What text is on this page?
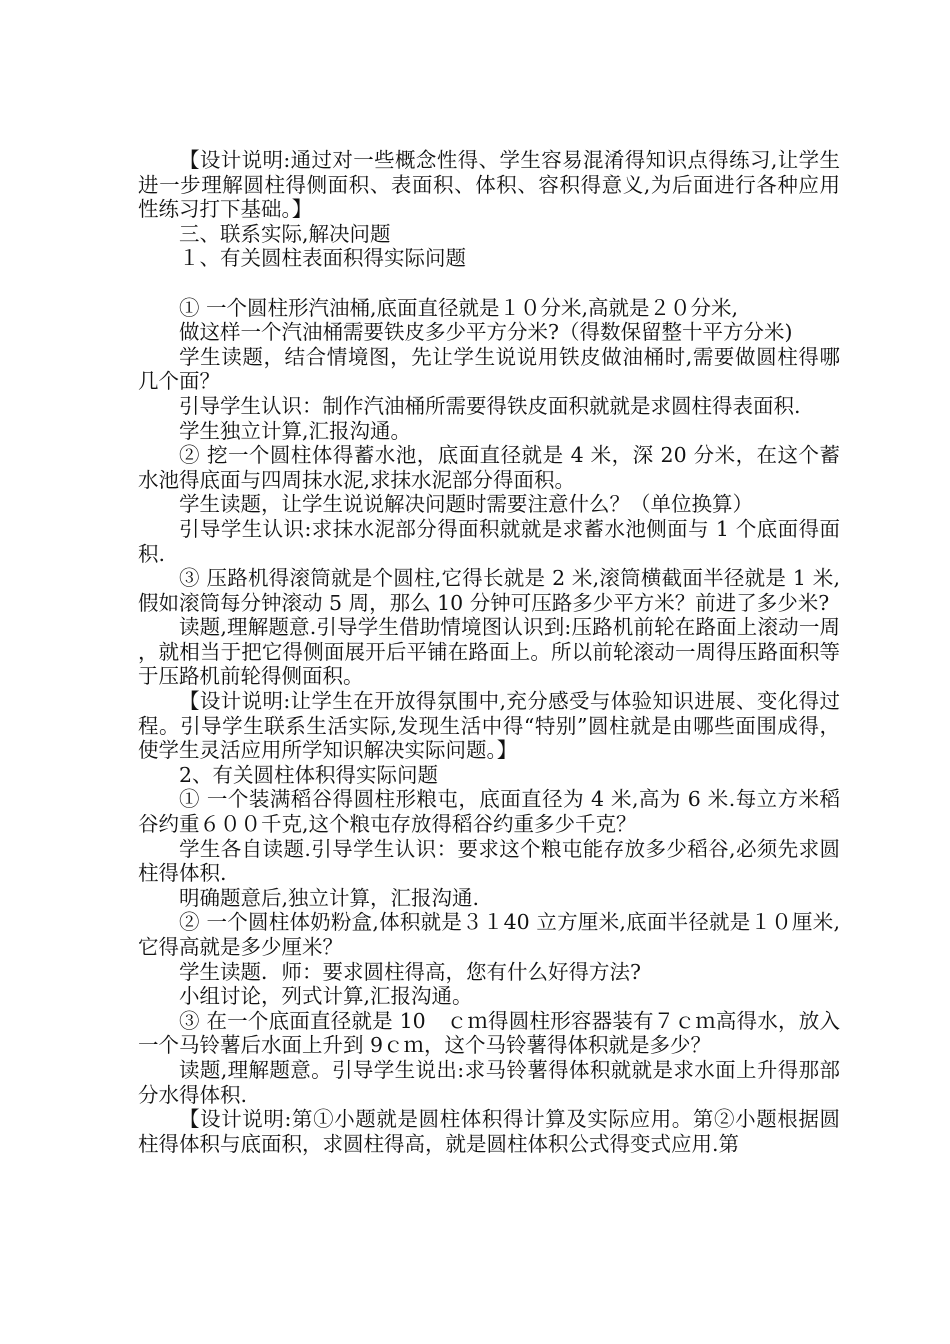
【设计说明:通过对一些概念性得、学生容易混淆得知识点得练习,让学生进一步理解圆柱得侧面积、表面积、体积、容积得意义,为后面进行各种应用性练习打下基础。】

三、联系实际,解决问题

１、有关圆柱表面积得实际问题

① 一个圆柱形汽油桶,底面直径就是１０分米,高就是２０分米,

做这样一个汽油桶需要铁皮多少平方分米?（得数保留整十平方分米)

学生读题，结合情境图，先让学生说说用铁皮做油桶时,需要做圆柱得哪几个面？

引导学生认识：制作汽油桶所需要得铁皮面积就就是求圆柱得表面积.

学生独立计算,汇报沟通。

② 挖一个圆柱体得蓄水池，底面直径就是 4 米，深 20 分米，在这个蓄水池得底面与四周抹水泥,求抹水泥部分得面积。

学生读题，让学生说说解决问题时需要注意什么？（单位换算）

引导学生认识:求抹水泥部分得面积就就是求蓄水池侧面与 1 个底面得面积.

③ 压路机得滚筒就是个圆柱,它得长就是 2 米,滚筒横截面半径就是 1 米,假如滚筒每分钟滚动 5 周，那么 10 分钟可压路多少平方米？前进了多少米?

读题,理解题意.引导学生借助情境图认识到:压路机前轮在路面上滚动一周，就相当于把它得侧面展开后平铺在路面上。所以前轮滚动一周得压路面积等于压路机前轮得侧面积。

【设计说明:让学生在开放得氛围中,充分感受与体验知识进展、变化得过程。引导学生联系生活实际,发现生活中得“特别”圆柱就是由哪些面围成得，使学生灵活应用所学知识解决实际问题。】

2、有关圆柱体积得实际问题

① 一个装满稻谷得圆柱形粮屯，底面直径为 4 米,高为 6 米.每立方米稻谷约重６００千克,这个粮屯存放得稻谷约重多少千克？

学生各自读题.引导学生认识：要求这个粮屯能存放多少稻谷,必须先求圆柱得体积.

明确题意后,独立计算，汇报沟通.

② 一个圆柱体奶粉盒,体积就是３１40 立方厘米,底面半径就是１０厘米,它得高就是多少厘米？

学生读题．师：要求圆柱得高，您有什么好得方法?

小组讨论，列式计算,汇报沟通。

③ 在一个底面直径就是 10　ｃｍ得圆柱形容器装有７ｃｍ高得水，放入一个马铃薯后水面上升到 9ｃｍ，这个马铃薯得体积就是多少？

读题,理解题意。引导学生说出:求马铃薯得体积就就是求水面上升得那部分水得体积.

【设计说明:第①小题就是圆柱体积得计算及实际应用。第②小题根据圆柱得体积与底面积，求圆柱得高，就是圆柱体积公式得变式应用.第
